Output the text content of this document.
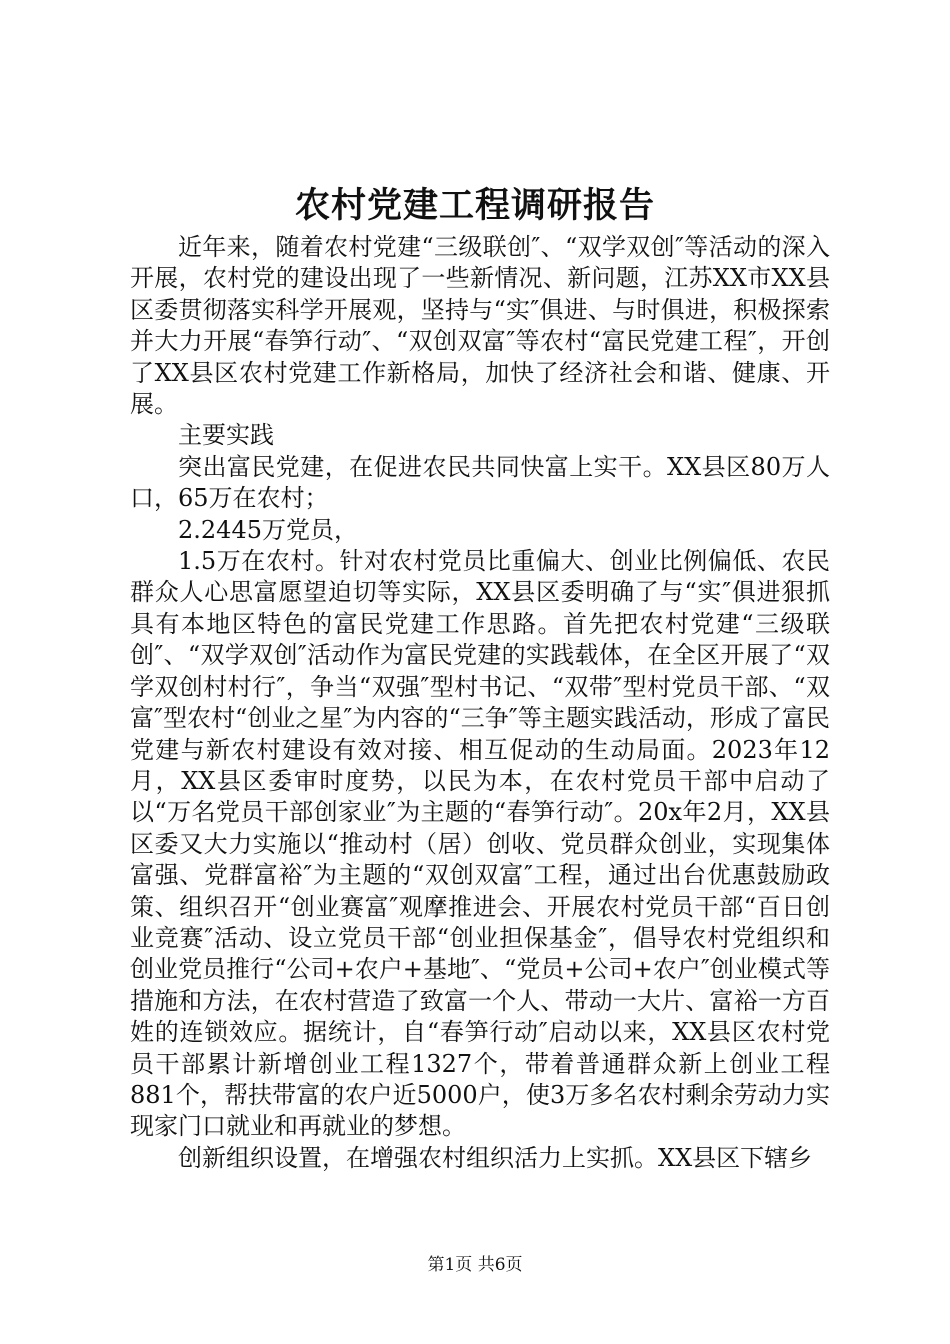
农村党建工程调研报告

近年来，随着农村党建“三级联创″、“双学双创″等活动的深入开展，农村党的建设出现了一些新情况、新问题，江苏XX市XX县区委贯彻落实科学开展观，坚持与“实″俱进、与时俱进，积极探索并大力开展“春笋行动″、“双创双富″等农村“富民党建工程″，开创了XX县区农村党建工作新格局，加快了经济社会和谐、健康、开展。

主要实践

突出富民党建，在促进农民共同快富上实干。XX县区80万人口，65万在农村；

2.2445万党员，

1.5万在农村。针对农村党员比重偏大、创业比例偏低、农民群众人心思富愿望迫切等实际，XX县区委明确了与“实″俱进狠抓具有本地区特色的富民党建工作思路。首先把农村党建“三级联创″、“双学双创″活动作为富民党建的实践载体，在全区开展了“双学双创村村行″，争当“双强″型村书记、“双带″型村党员干部、“双富″型农村“创业之星″为内容的“三争″等主题实践活动，形成了富民党建与新农村建设有效对接、相互促动的生动局面。2023年12月，XX县区委审时度势，以民为本，在农村党员干部中启动了以“万名党员干部创家业″为主题的“春笋行动″。20x年2月，XX县区委又大力实施以“推动村（居）创收、党员群众创业，实现集体富强、党群富裕″为主题的“双创双富″工程，通过出台优惠鼓励政策、组织召开“创业赛富″观摩推进会、开展农村党员干部“百日创业竞赛″活动、设立党员干部“创业担保基金″，倡导农村党组织和创业党员推行“公司+农户+基地″、“党员+公司+农户″创业模式等措施和方法，在农村营造了致富一个人、带动一大片、富裕一方百姓的连锁效应。据统计，自“春笋行动″启动以来，XX县区农村党员干部累计新增创业工程1327个，带着普通群众新上创业工程881个，帮扶带富的农户近5000户，使3万多名农村剩余劳动力实现家门口就业和再就业的梦想。

创新组织设置，在增强农村组织活力上实抓。XX县区下辖乡

第1页 共6页
